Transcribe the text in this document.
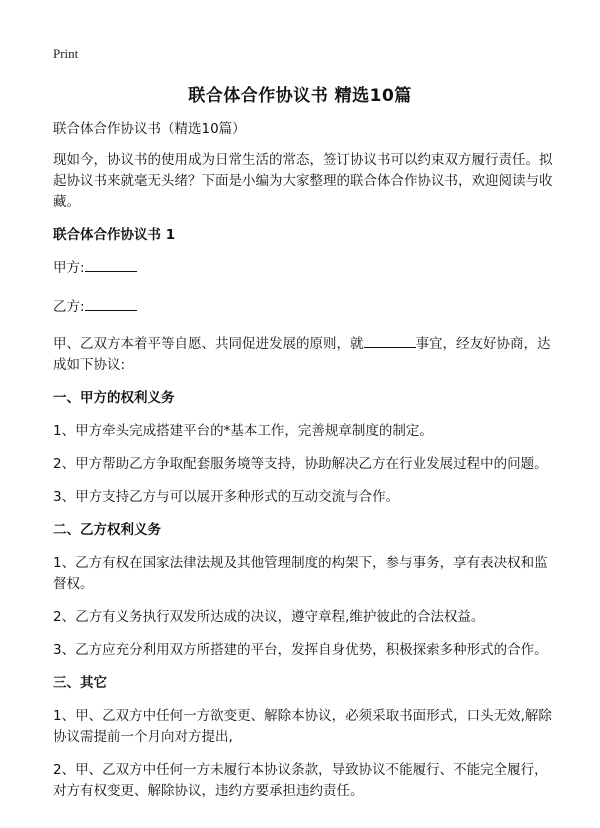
Print
联合体合作协议书 精选10篇

联合体合作协议书（精选10篇）

现如今，协议书的使用成为日常生活的常态，签订协议书可以约束双方履行责任。拟起协议书来就毫无头绪？下面是小编为大家整理的联合体合作协议书，欢迎阅读与收藏。

联合体合作协议书 1

甲方:

乙方:

甲、乙双方本着平等自愿、共同促进发展的原则，就	事宜，经友好协商，达成如下协议:

一、甲方的权利义务

1、甲方牵头完成搭建平台的*基本工作，完善规章制度的制定。

2、甲方帮助乙方争取配套服务境等支持，协助解决乙方在行业发展过程中的问题。

3、甲方支持乙方与可以展开多种形式的互动交流与合作。

二、乙方权利义务

1、乙方有权在国家法律法规及其他管理制度的构架下，参与事务，享有表决权和监督权。

2、乙方有义务执行双发所达成的决议，遵守章程,维护彼此的合法权益。

3、乙方应充分利用双方所搭建的平台，发挥自身优势，积极探索多种形式的合作。

三、其它

1、甲、乙双方中任何一方欲变更、解除本协议，必须采取书面形式，口头无效,解除协议需提前一个月向对方提出,

2、甲、乙双方中任何一方未履行本协议条款，导致协议不能履行、不能完全履行，对方有权变更、解除协议，违约方要承担违约责任。
